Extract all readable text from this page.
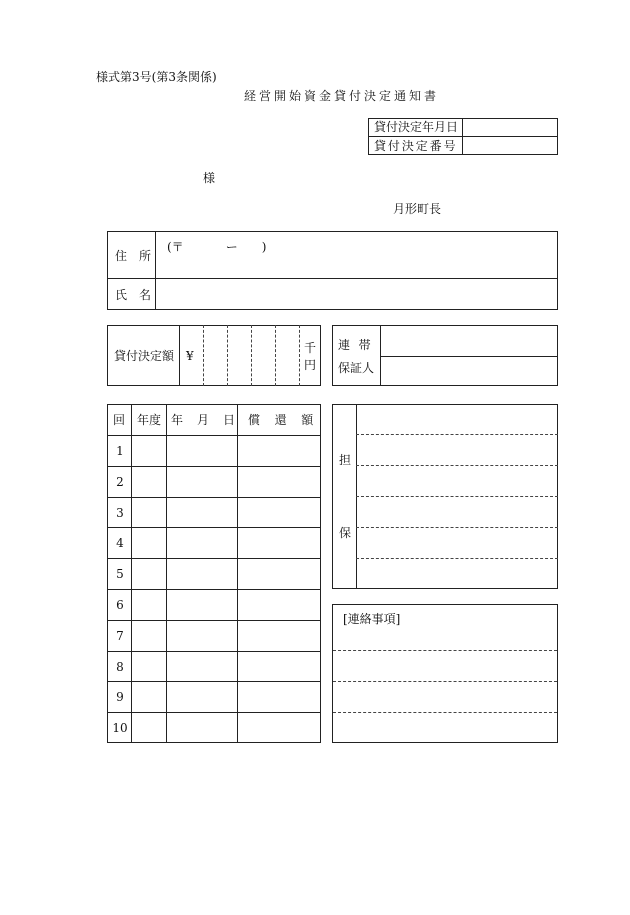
様式第3号(第3条関係)
経営開始資金貸付決定通知書
貸付決定年月日
貸付決定番号
様
月形町長
住 所
(〒	ー )
氏 名
貸付決定額 ¥
千
円
連 帯
保証人
回 年度 年 月 日 償 還 額
1
2
3
4
5
6
7
8
9
10
担
保
[連絡事項]
